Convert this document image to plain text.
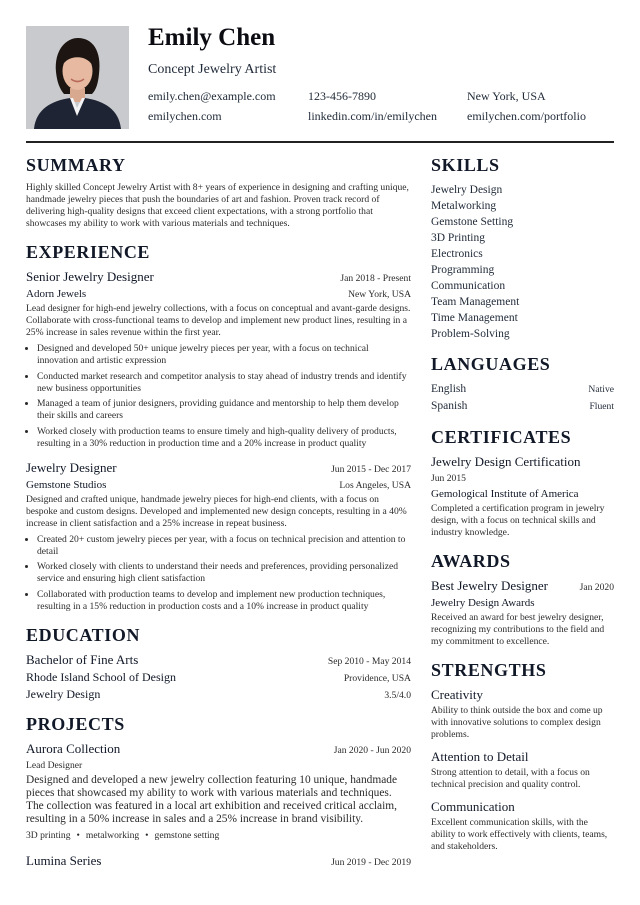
Emily Chen
Concept Jewelry Artist
emily.chen@example.com	123-456-7890	New York, USA
emilychen.com	linkedin.com/in/emilychen	emilychen.com/portfolio
SUMMARY

Highly skilled Concept Jewelry Artist with 8+ years of experience in designing and crafting unique, handmade jewelry pieces that push the boundaries of art and fashion. Proven track record of delivering high-quality designs that exceed client expectations, with a strong portfolio that showcases my ability to work with various materials and techniques.

EXPERIENCE
Senior Jewelry Designer	Jan 2018 - Present
Adorn Jewels	New York, USA

Lead designer for high-end jewelry collections, with a focus on conceptual and avant-garde designs. Collaborate with cross-functional teams to develop and implement new product lines, resulting in a 25% increase in sales revenue within the first year.

• Designed and developed 50+ unique jewelry pieces per year, with a focus on technical innovation and artistic expression
• Conducted market research and competitor analysis to stay ahead of industry trends and identify new business opportunities
• Managed a team of junior designers, providing guidance and mentorship to help them develop their skills and careers
• Worked closely with production teams to ensure timely and high-quality delivery of products, resulting in a 30% reduction in production time and a 20% increase in product quality
Jewelry Designer	Jun 2015 - Dec 2017
Gemstone Studios	Los Angeles, USA

Designed and crafted unique, handmade jewelry pieces for high-end clients, with a focus on bespoke and custom designs. Developed and implemented new design concepts, resulting in a 40% increase in client satisfaction and a 25% increase in repeat business.

• Created 20+ custom jewelry pieces per year, with a focus on technical precision and attention to detail
• Worked closely with clients to understand their needs and preferences, providing personalized service and ensuring high client satisfaction
• Collaborated with production teams to develop and implement new production techniques, resulting in a 15% reduction in production costs and a 10% increase in product quality
EDUCATION
Bachelor of Fine Arts	Sep 2010 - May 2014
Rhode Island School of Design	Providence, USA
Jewelry Design	3.5/4.0
PROJECTS
Aurora Collection	Jan 2020 - Jun 2020
Lead Designer

Designed and developed a new jewelry collection featuring 10 unique, handmade pieces that showcased my ability to work with various materials and techniques. The collection was featured in a local art exhibition and received critical acclaim, resulting in a 50% increase in sales and a 25% increase in brand visibility.

3D printing • metalworking • gemstone setting
Lumina Series	Jun 2019 - Dec 2019
SKILLS
Jewelry Design
Metalworking
Gemstone Setting
3D Printing
Electronics
Programming
Communication
Team Management
Time Management
Problem-Solving
LANGUAGES
English	Native
Spanish	Fluent
CERTIFICATES
Jewelry Design Certification
Jun 2015
Gemological Institute of America

Completed a certification program in jewelry design, with a focus on technical skills and industry knowledge.

AWARDS
Best Jewelry Designer	Jan 2020
Jewelry Design Awards

Received an award for best jewelry designer, recognizing my contributions to the field and my commitment to excellence.

STRENGTHS
Creativity

Ability to think outside the box and come up with innovative solutions to complex design problems.

Attention to Detail

Strong attention to detail, with a focus on technical precision and quality control.

Communication

Excellent communication skills, with the ability to work effectively with clients, teams, and stakeholders.
